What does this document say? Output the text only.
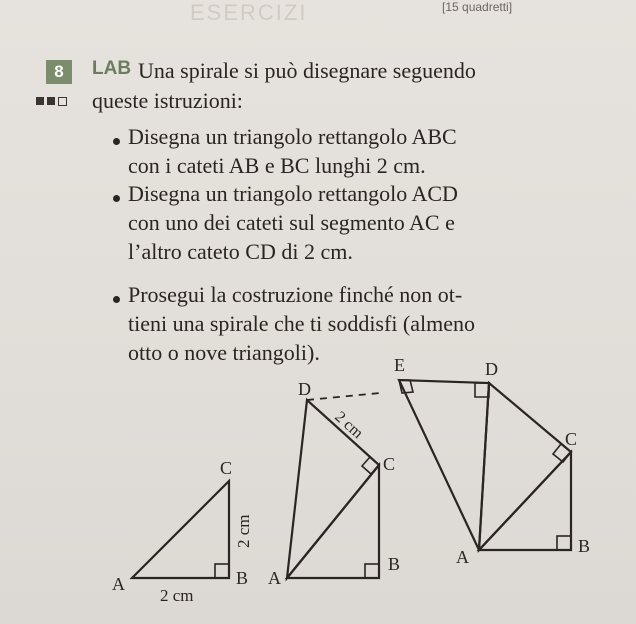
ESERCIZI	[15 quadretti]
8	LAB Una spirale si può disegnare seguendo
queste istruzioni:
Disegna un triangolo rettangolo ABC
con i cateti AB e BC lunghi 2 cm.
Disegna un triangolo rettangolo ACD
con uno dei cateti sul segmento AC e
l’altro cateto CD di 2 cm.
Prosegui la costruzione finché non ot-
tieni una spirale che ti soddisfi (almeno
otto o nove triangoli).
A	B
C
2 cm
2 cm
A
B
C
D
2 cm
A
B
C
D
E
